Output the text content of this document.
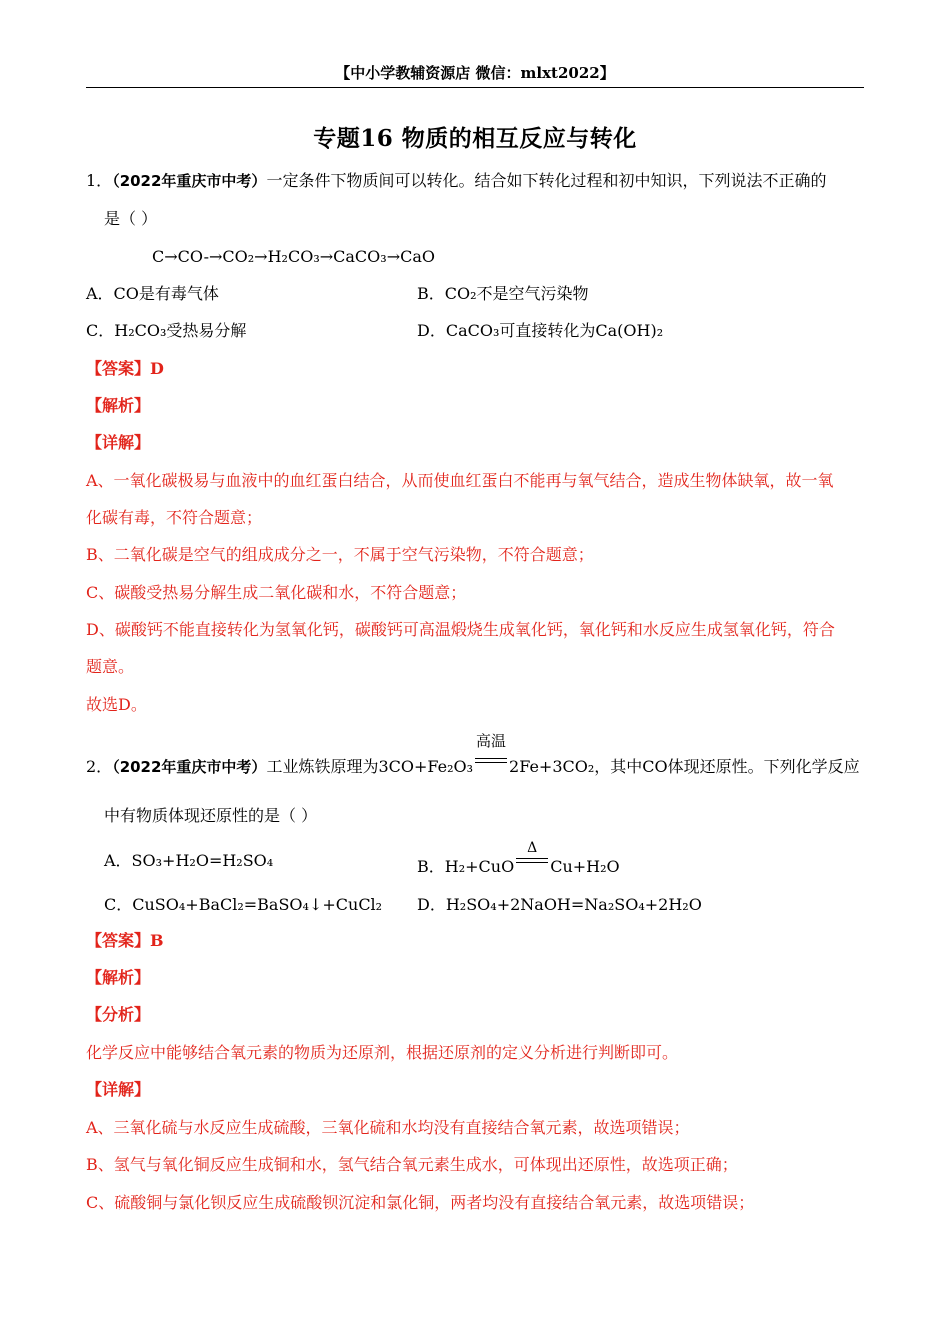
【中小学教辅资源店 微信：mlxt2022】
专题16 物质的相互反应与转化
1．（2022年重庆市中考）一定条件下物质间可以转化。结合如下转化过程和初中知识，下列说法不正确的
是（ ）
C→CO-→CO₂→H₂CO₃→CaCO₃→CaO
A．CO是有毒气体	B．CO₂不是空气污染物
C．H₂CO₃受热易分解	D．CaCO₃可直接转化为Ca(OH)₂
【答案】D
【解析】
【详解】
A、一氧化碳极易与血液中的血红蛋白结合，从而使血红蛋白不能再与氧气结合，造成生物体缺氧，故一氧
化碳有毒，不符合题意；
B、二氧化碳是空气的组成成分之一，不属于空气污染物，不符合题意；
C、碳酸受热易分解生成二氧化碳和水，不符合题意；
D、碳酸钙不能直接转化为氢氧化钙，碳酸钙可高温煅烧生成氧化钙，氧化钙和水反应生成氢氧化钙，符合
题意。
故选D。
2．（2022年重庆市中考）工业炼铁原理为3CO+Fe₂O₃
高温
2Fe+3CO₂，其中CO体现还原性。下列化学反应
中有物质体现还原性的是（ ）
A．SO₃+H₂O=H₂SO₄	B．H₂+CuO
Δ
Cu+H₂O
C．CuSO₄+BaCl₂=BaSO₄↓+CuCl₂ D．H₂SO₄+2NaOH=Na₂SO₄+2H₂O
【答案】B
【解析】
【分析】
化学反应中能够结合氧元素的物质为还原剂，根据还原剂的定义分析进行判断即可。
【详解】
A、三氧化硫与水反应生成硫酸，三氧化硫和水均没有直接结合氧元素，故选项错误；
B、氢气与氧化铜反应生成铜和水，氢气结合氧元素生成水，可体现出还原性，故选项正确；
C、硫酸铜与氯化钡反应生成硫酸钡沉淀和氯化铜，两者均没有直接结合氧元素，故选项错误；
